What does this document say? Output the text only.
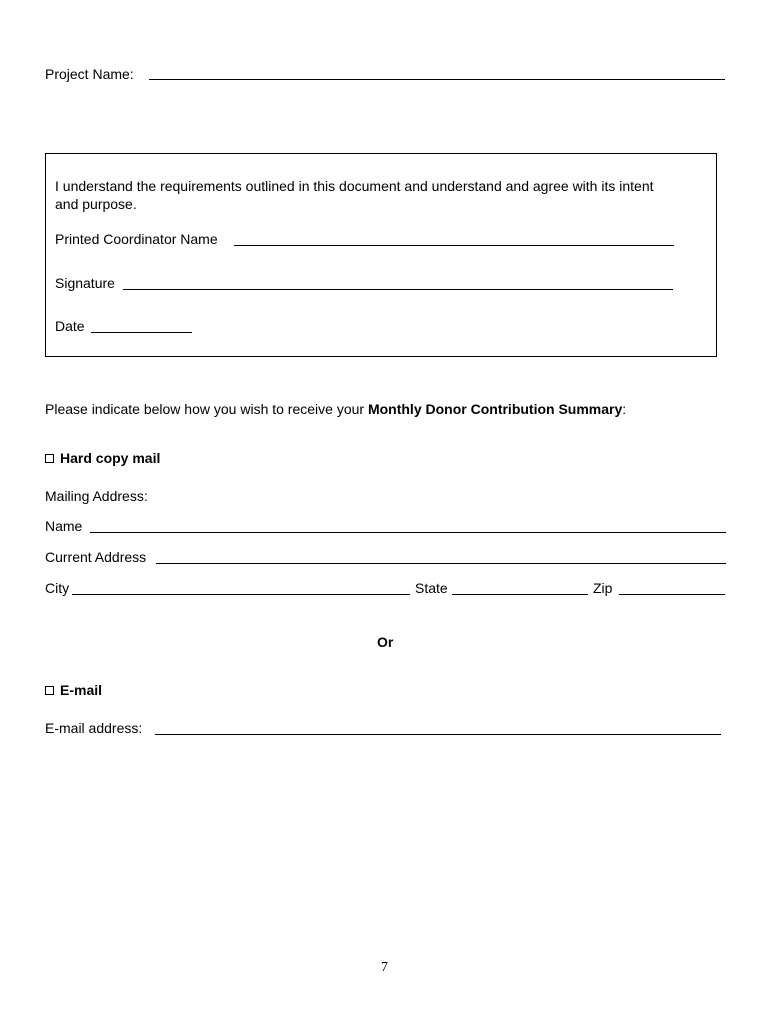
Project Name:
I understand the requirements outlined in this document and understand and agree with its intent
and purpose.
Printed Coordinator Name
Signature
Date
Please indicate below how you wish to receive your Monthly Donor Contribution Summary:
Hard copy mail
Mailing Address:
Name
Current Address
City	State	Zip
Or
E-mail
E-mail address:
7
